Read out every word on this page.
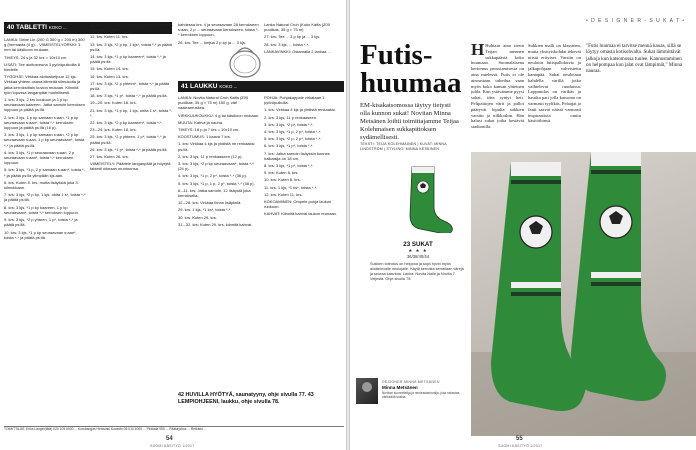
40 TABLETTI KOKO ...

LANKA: Debe Lin (200 G 300 g = 200 m) 300 g (hermasta (4 g)... VIIMEISTELYÖRKKI: 3 mm tai käsikoon mukaan.

TIHEYS: 24 s ja 32 krs = 10x10 cm

LISÄTI: Tee aloitusreuna 3 pyöröpuikoilla 8 hindelle.

TYÖOHJE: Virkkaa aloitusketjuun 12 kjs. Virkkaa yhteen osana kiinteitä silmukoita ja jatka kerroksittain kuvion mukaan. Kiinnitä työn lopussa langanpäät huolellisesti.

1. krs: 3 kjs, 2 krs koukuun ja 1 p kp seuraavaan kaareen. Jatka samoin kerroksen loppuun ja päätä ps:llä.

2. krs: 3 kjs, 1 p kp samaan s:aan, *1 p kp seuraavaan s:aan*, toista *-* kerroksen loppuun ja päätä ps:llä (16 p).

3. krs: 3 kjs, 1 p kp samaan s:aan, *2 p kp seuraavaan s:aan, 1 p kp seuraavaan*, toista *-* ja päätä ps:llä.

4. krs: 3 kjs, *1 p seuraavaan s:aan, 2 p seuraavaan s:aan*, toista *-* kerroksen loppuun.

5. krs: 3 kjs, *1 p, 2 p samaan s:aan*, toista *-* ja päätä ps:llä ylimpään kjs:aan.

6. krs: Kuten 5. krs, mutta lisäyksiä joka 3. silmukkaan.

7. krs: 3 kjs, *2 p kp, 1 kjs, ohita 1 s*, toista *-* ja päätä ps:llä.

8. krs: 3 kjs, *1 p kp kaareen, 1 p kp seuraavaan*, toista *-* kerroksen loppuun.

9. krs: 3 kjs, *2 p yhteen, 1 p*, toista *-* ja päätä ps:llä.

10. krs: 3 kjs, *1 p kp seuraavaan s:aan*, toista *-* ja päätä ps:llä.

11. krs: 3 kjs, *1 p, 2 p samaan s:aan*, toista *-* ja päätä ps:llä.

12. krs: Kuten 11. krs.

13. krs: 3 kjs, *2 p kp, 1 kjs*, toista *-* ja päätä ps:llä.

14. krs: 3 kjs, *1 p kp kaareen*, toista *-* ja päätä ps:llä.

15. krs: Kuten 14. krs.

16. krs: Kuten 13. krs.

17. krs: 3 kjs, *2 p yhteen*, toista *-* ja päätä ps:llä.

18. krs: 3 kjs, *1 p*, toista *-* ja päätä ps:llä.

19.–20. krs: Kuten 18. krs.

21. krs: 3 kjs, *1 p kp, 1 kjs, ohita 1 s*, toista *-*.

22. krs: 3 kjs, *2 p kp kaareen*, toista *-*.

23.–24. krs: Kuten 18. krs.

25. krs: 3 kjs, *2 p yhteen, 1 p*, toista *-* ja päätä ps:llä.

26. krs: 3 kjs, *1 p*, toista *-* ja päätä ps:llä.

27. krs: Kuten 26. krs.

VIIMEISTELY: Päättele langanpäät ja höyrytä tabletti oikeaan muotoonsa.

kahdessa krs. 4 ja seuraavaan 28 kerrokseen s:aan, 2 p ... seuraavaan kerrokseen, toista *-* kerroksen loppuun.

26. krs: Tee ... ketjua 2 p kp ja ... 3 kjs.

Lanka Natural Cruh (Koko Kaffa (Z00 puolikas, 35 g = 75 m)

27. krs: Tee ... 3 p kp ja ... 3 kjs.

28. krs: 3 kjs, ... toista *-*.

LANKAVINKKI: Ostamalla 2 lankaa ...

41 LAUKKU KOKO ...

LANKA: Novita Natural Cruh Kaffa (Z00 puolikas, 35 g = 75 m) 150 g, väri vaaleanruskea.

VIRKKUUKOUKKU: 4 g tai käsikoon mukaan.

MUUTA: Kahva ja nauha.

TIHEYS: 18 p ja 7 krs = 10x10 cm.

KOOSTUMUS: 1 kaava 7 krs.

1. krs: Virkkaa 4 kjs ja yhdistä ne renkaaksi ps:llä.

2. krs: 3 kjs, 11 p renkaaseen (12 p).

3. krs: 3 kjs, *2 p kp seuraavaan*, toista *-* (24 p).

4. krs: 3 kjs, *1 p, 2 p*, toista *-* (36 p).

5. krs: 3 kjs, *1 p, 1 p, 2 p*, toista *-* (48 p).

6.–11. krs: Jatka samoin, 12 lisäystä joka kerroksella.

12.–28. krs: Virkkaa ilman lisäyksiä.

29. krs: 1 kjs, *1 ks*, toista *-*.

30. krs: Kuten 29. krs.

31.–32. krs: Kuten 29. krs, kiinnitä kahvat.

POHJA: Pohjakappale virkataan 1 pyöröpuikolla.

1. krs: Virkkaa 4 kjs ja yhdistä renkaaksi.

2. krs: 3 kjs, 11 p renkaaseen.

3. krs: 3 kjs, *2 p*, toista *-*.

4. krs: 3 kjs, *1 p, 2 p*, toista *-*.

5. krs: 3 kjs, *2 p, 2 p*, toista *-*.

6. krs: 3 kjs, *1 p*, toista *-*.

7. krs: Jatka samoin lisäyksin kunnes halkaisija on 18 cm.

8. krs: 3 kjs, *1 p*, toista *-*.

9. krs: Kuten 8. krs.

10. krs: Kuten 8. krs.

11. krs: 1 kjs, *1 ks*, toista *-*.

12. krs: Kuten 11. krs.

KOKOAMINEN: Ompele pohja laukun runkoon.

KAHVAT: Kiinnitä kahvat laukun reunaan.

42 HUVILLA HYÖTYÄ, saunatyyny, ohje sivulla 77. 43 LEMPIOHJEENI, laukku, ohje sivulla 78.
TOIMITTAJAT: Eriks Langer(tätä) 020 109 5000 ... Korukangas Hehisinki Kuvasto 05 010 4000 ... Pirkkala 050 ... Pääkirjoitus ... Retkisto ...
54
SUOMI KÄSITYÖ 1/2017
• D E S I G N E R - S U K A T •
Futis-
huumaa
EM-kisakatsomossa täytyy tietysti olla kunnon sukat! Novitan Minna Metsänen loihti toimittajamme Teijaa Kolehmaisen sukkapittoksen sydämellisesti.
TEKSTI: TEIJA KOLEHMAINEN | KUVAT: MINNA LINDSTRÖM | STYLING: MINNA KESKINEN
H Huhtain aina tiesin Teijan mennen sukkapäästä koko huumaan. Suomalaisena kertomus perustamisesta on aina mielessä. Futis ei ole ainoastaan urheilua vaan myös koko kansan yhteinen juhla. Kun ystävämme pyysi sukat, idea syntyi heti. Pelipaitojen värit ja pallot päätyvät lopulta sukkien varsiin ja nilkkoihin. Hän halusi sukat jotka kestävät stadionilla.
Sukkien malli on klassinen, mutta yksityiskohdat tekevät niistä erityiset. Varsiin on neulottu futispallokuvio ja jalkapohjaan vahvistettu kantapää. Sukat neulotaan kahdella värillä jotka vaihtelevat ruuduissa. Lopputulos on värikäs ja hauska pari jolla katsomo on varmasti tyylikäs. Pelaajat ja fanit saavat näistä varmasti inspiraatiota omiin käsitöihinsä.
"Futis huumaa ei tarvitse mennä kauas, sillä se löytyy omasta kotisohvalta. Sukat lämmittävät jalkoja kun katsomossa tuulee. Kannustaminen on helpompaa kun jalat ovat lämpimät," Minna nauraa.
23 SUKAT
★ ★ ★
36/38/40/44
Sukkien toteutus on helppoa ja sopii hyvin myös aloittelevalle neulojalle. Käytä kerrosta kerrallaan värejä ja seuraa kaaviota. Lanka: Novita Nalle ja Novita 7 Veljestä. Ohje sivulla 75.
DESIGNER MINNA METSÄNEN
Minna Metsänen
Novitan suunnittelija ja neuleasiantuntija, joka rakastaa värikkäitä sukkia.
55
SUOMI KÄSITYÖ 1/2017
